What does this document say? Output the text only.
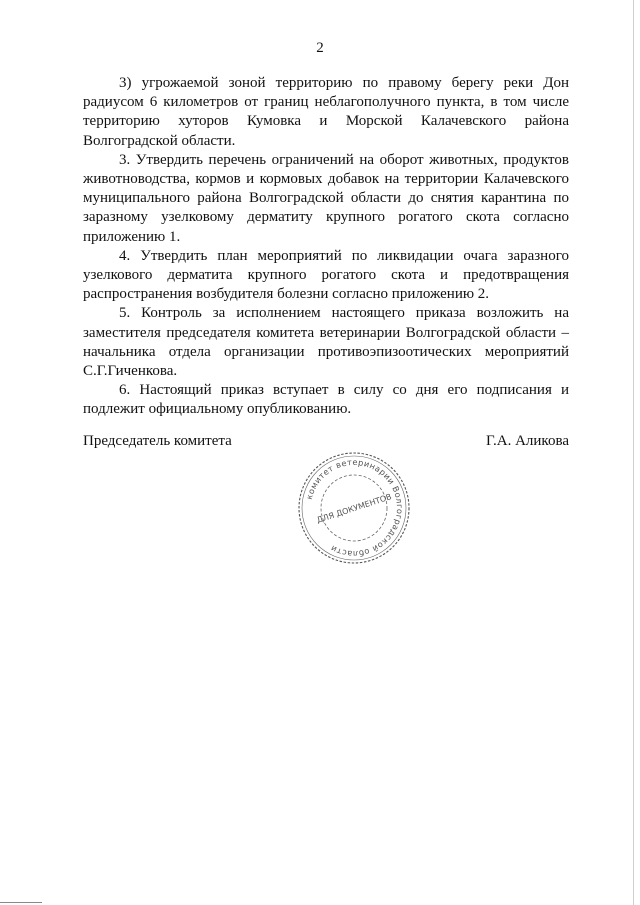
2

3) угрожаемой зоной территорию по правому берегу реки Дон радиусом 6 километров от границ неблагополучного пункта, в том числе территорию хуторов Кумовка и Морской Калачевского района Волгоградской области.

3. Утвердить перечень ограничений на оборот животных, продуктов животноводства, кормов и кормовых добавок на территории Калачевского муниципального района Волгоградской области до снятия карантина по заразному узелковому дерматиту крупного рогатого скота согласно приложению 1.

4. Утвердить план мероприятий по ликвидации очага заразного узелкового дерматита крупного рогатого скота и предотвращения распространения возбудителя болезни согласно приложению 2.

5. Контроль за исполнением настоящего приказа возложить на заместителя председателя комитета ветеринарии Волгоградской области – начальника отдела организации противоэпизоотических мероприятий С.Г.Гиченкова.

6. Настоящий приказ вступает в силу со дня его подписания и подлежит официальному опубликованию.

Председатель комитета	Г.А. Аликова
комитет ветеринарии Волгоградской области
ДЛЯ ДОКУМЕНТОВ
